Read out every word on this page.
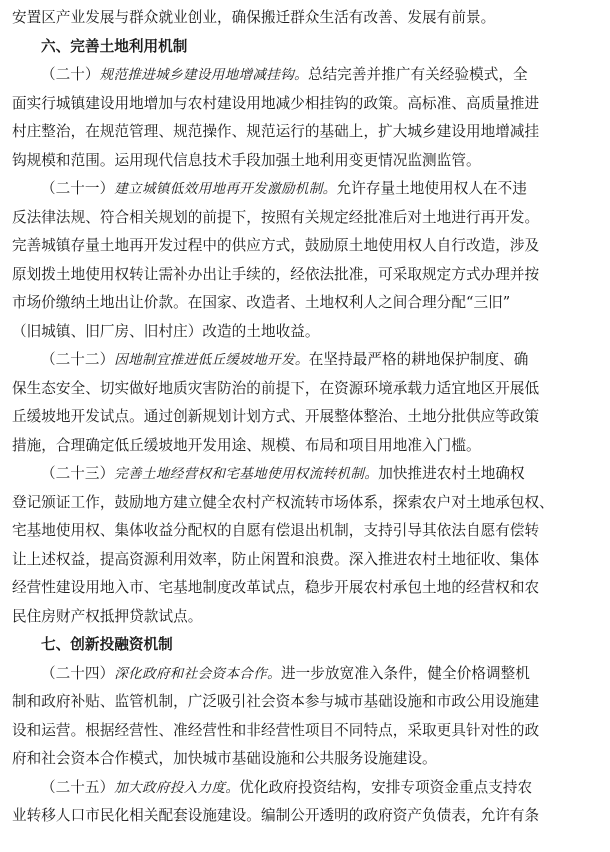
安置区产业发展与群众就业创业，确保搬迁群众生活有改善、发展有前景。
六、完善土地利用机制
（二十）规范推进城乡建设用地增减挂钩。总结完善并推广有关经验模式，全
面实行城镇建设用地增加与农村建设用地减少相挂钩的政策。高标准、高质量推进
村庄整治，在规范管理、规范操作、规范运行的基础上，扩大城乡建设用地增减挂
钩规模和范围。运用现代信息技术手段加强土地利用变更情况监测监管。
（二十一）建立城镇低效用地再开发激励机制。允许存量土地使用权人在不违
反法律法规、符合相关规划的前提下，按照有关规定经批准后对土地进行再开发。
完善城镇存量土地再开发过程中的供应方式，鼓励原土地使用权人自行改造，涉及
原划拨土地使用权转让需补办出让手续的，经依法批准，可采取规定方式办理并按
市场价缴纳土地出让价款。在国家、改造者、土地权利人之间合理分配“三旧”
（旧城镇、旧厂房、旧村庄）改造的土地收益。
（二十二）因地制宜推进低丘缓坡地开发。在坚持最严格的耕地保护制度、确
保生态安全、切实做好地质灾害防治的前提下，在资源环境承载力适宜地区开展低
丘缓坡地开发试点。通过创新规划计划方式、开展整体整治、土地分批供应等政策
措施，合理确定低丘缓坡地开发用途、规模、布局和项目用地准入门槛。
（二十三）完善土地经营权和宅基地使用权流转机制。加快推进农村土地确权
登记颁证工作，鼓励地方建立健全农村产权流转市场体系，探索农户对土地承包权、
宅基地使用权、集体收益分配权的自愿有偿退出机制，支持引导其依法自愿有偿转
让上述权益，提高资源利用效率，防止闲置和浪费。深入推进农村土地征收、集体
经营性建设用地入市、宅基地制度改革试点，稳步开展农村承包土地的经营权和农
民住房财产权抵押贷款试点。
七、创新投融资机制
（二十四）深化政府和社会资本合作。进一步放宽准入条件，健全价格调整机
制和政府补贴、监管机制，广泛吸引社会资本参与城市基础设施和市政公用设施建
设和运营。根据经营性、准经营性和非经营性项目不同特点，采取更具针对性的政
府和社会资本合作模式，加快城市基础设施和公共服务设施建设。
（二十五）加大政府投入力度。优化政府投资结构，安排专项资金重点支持农
业转移人口市民化相关配套设施建设。编制公开透明的政府资产负债表，允许有条
